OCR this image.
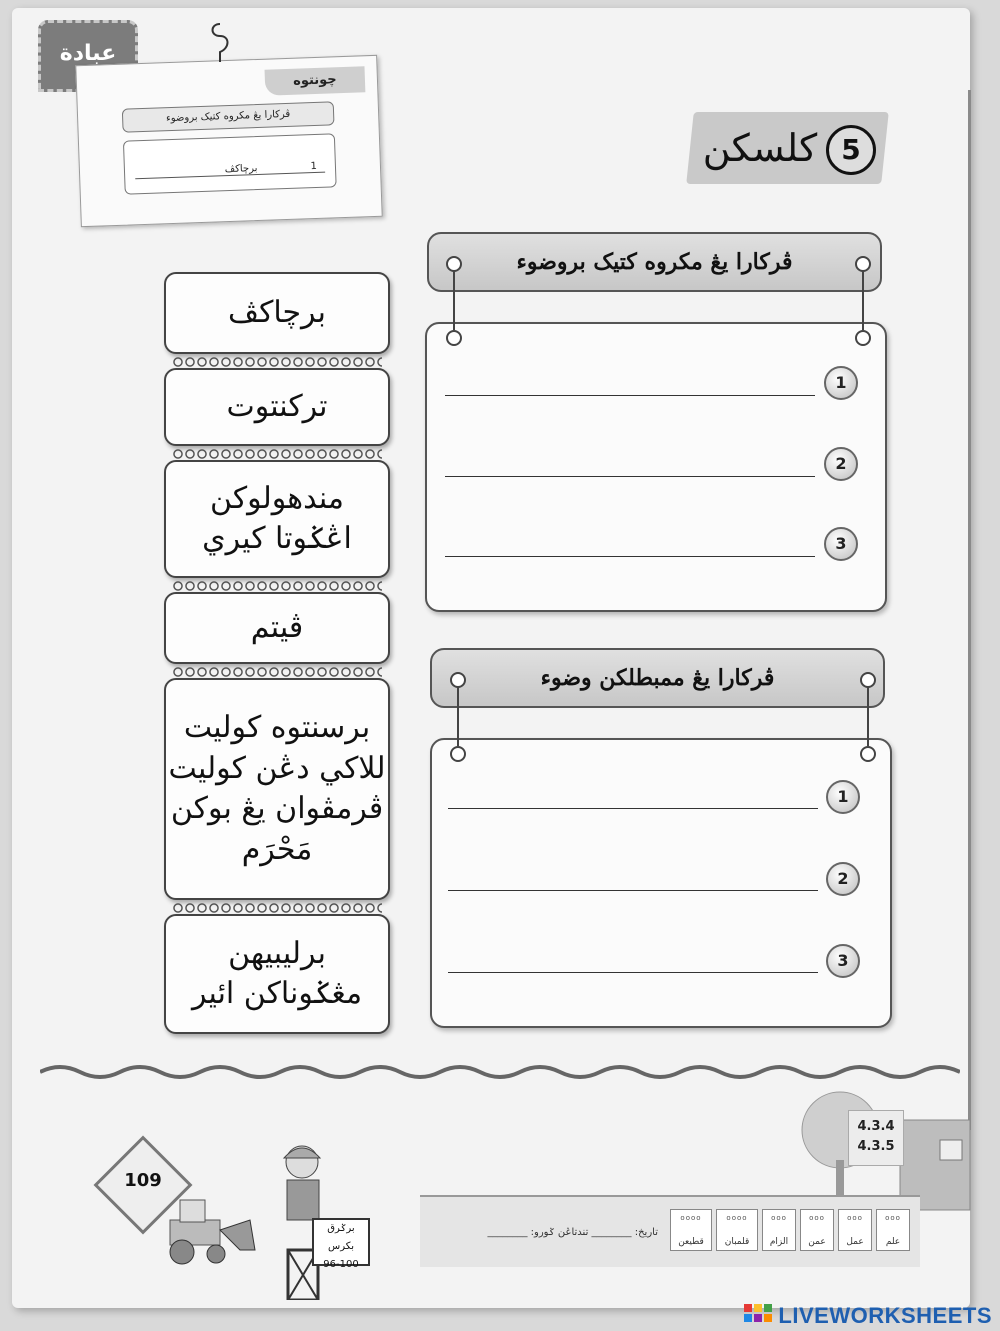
عبادة
چونتوه
ڤركارا يڠ مكروه كتيک بروضوء
1 برچاكڤ	كلسكن 5
ڤركارا يڠ مكروه كتيک بروضوء
1
2
3
ڤركارا يڠ ممبطلكن وضوء
1
2
3
برچاكڤ
تركنتوت
مندهولوكن
اڠݢوتا كيري
ڤيتم
برسنتوه كوليت
للاكي دڠن كوليت
ڤرمڤوان يڠ بوكن
مَحْرَم
برليبيهن
مڠݢوناكن ائير
4.3.4
4.3.5
109
برݢرق بكرس
96-100
ooo
علم
ooo
عمل
ooo
عمن
ooo
الزام
oooo
قلمبان
oooo
قطيعن
تاريخ: ________ تندتاڠن ݢورو: ________
LIVEWORKSHEETS
